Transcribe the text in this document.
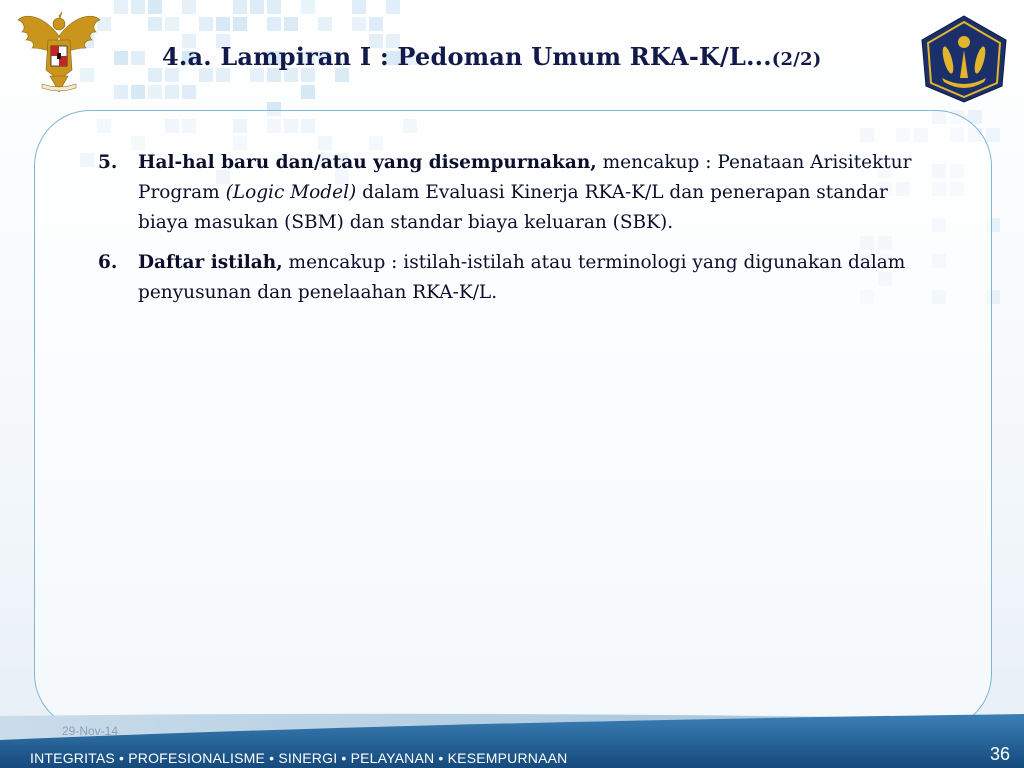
4.a. Lampiran I : Pedoman Umum RKA-K/L...(2/2)
5. Hal-hal baru dan/atau yang disempurnakan, mencakup : Penataan Arisitektur Program (Logic Model) dalam Evaluasi Kinerja RKA-K/L dan penerapan standar biaya masukan (SBM) dan standar biaya keluaran (SBK).
6. Daftar istilah, mencakup : istilah-istilah atau terminologi yang digunakan dalam penyusunan dan penelaahan RKA-K/L.
29-Nov-14
INTEGRITAS • PROFESIONALISME • SINERGI • PELAYANAN • KESEMPURNAAN	36
